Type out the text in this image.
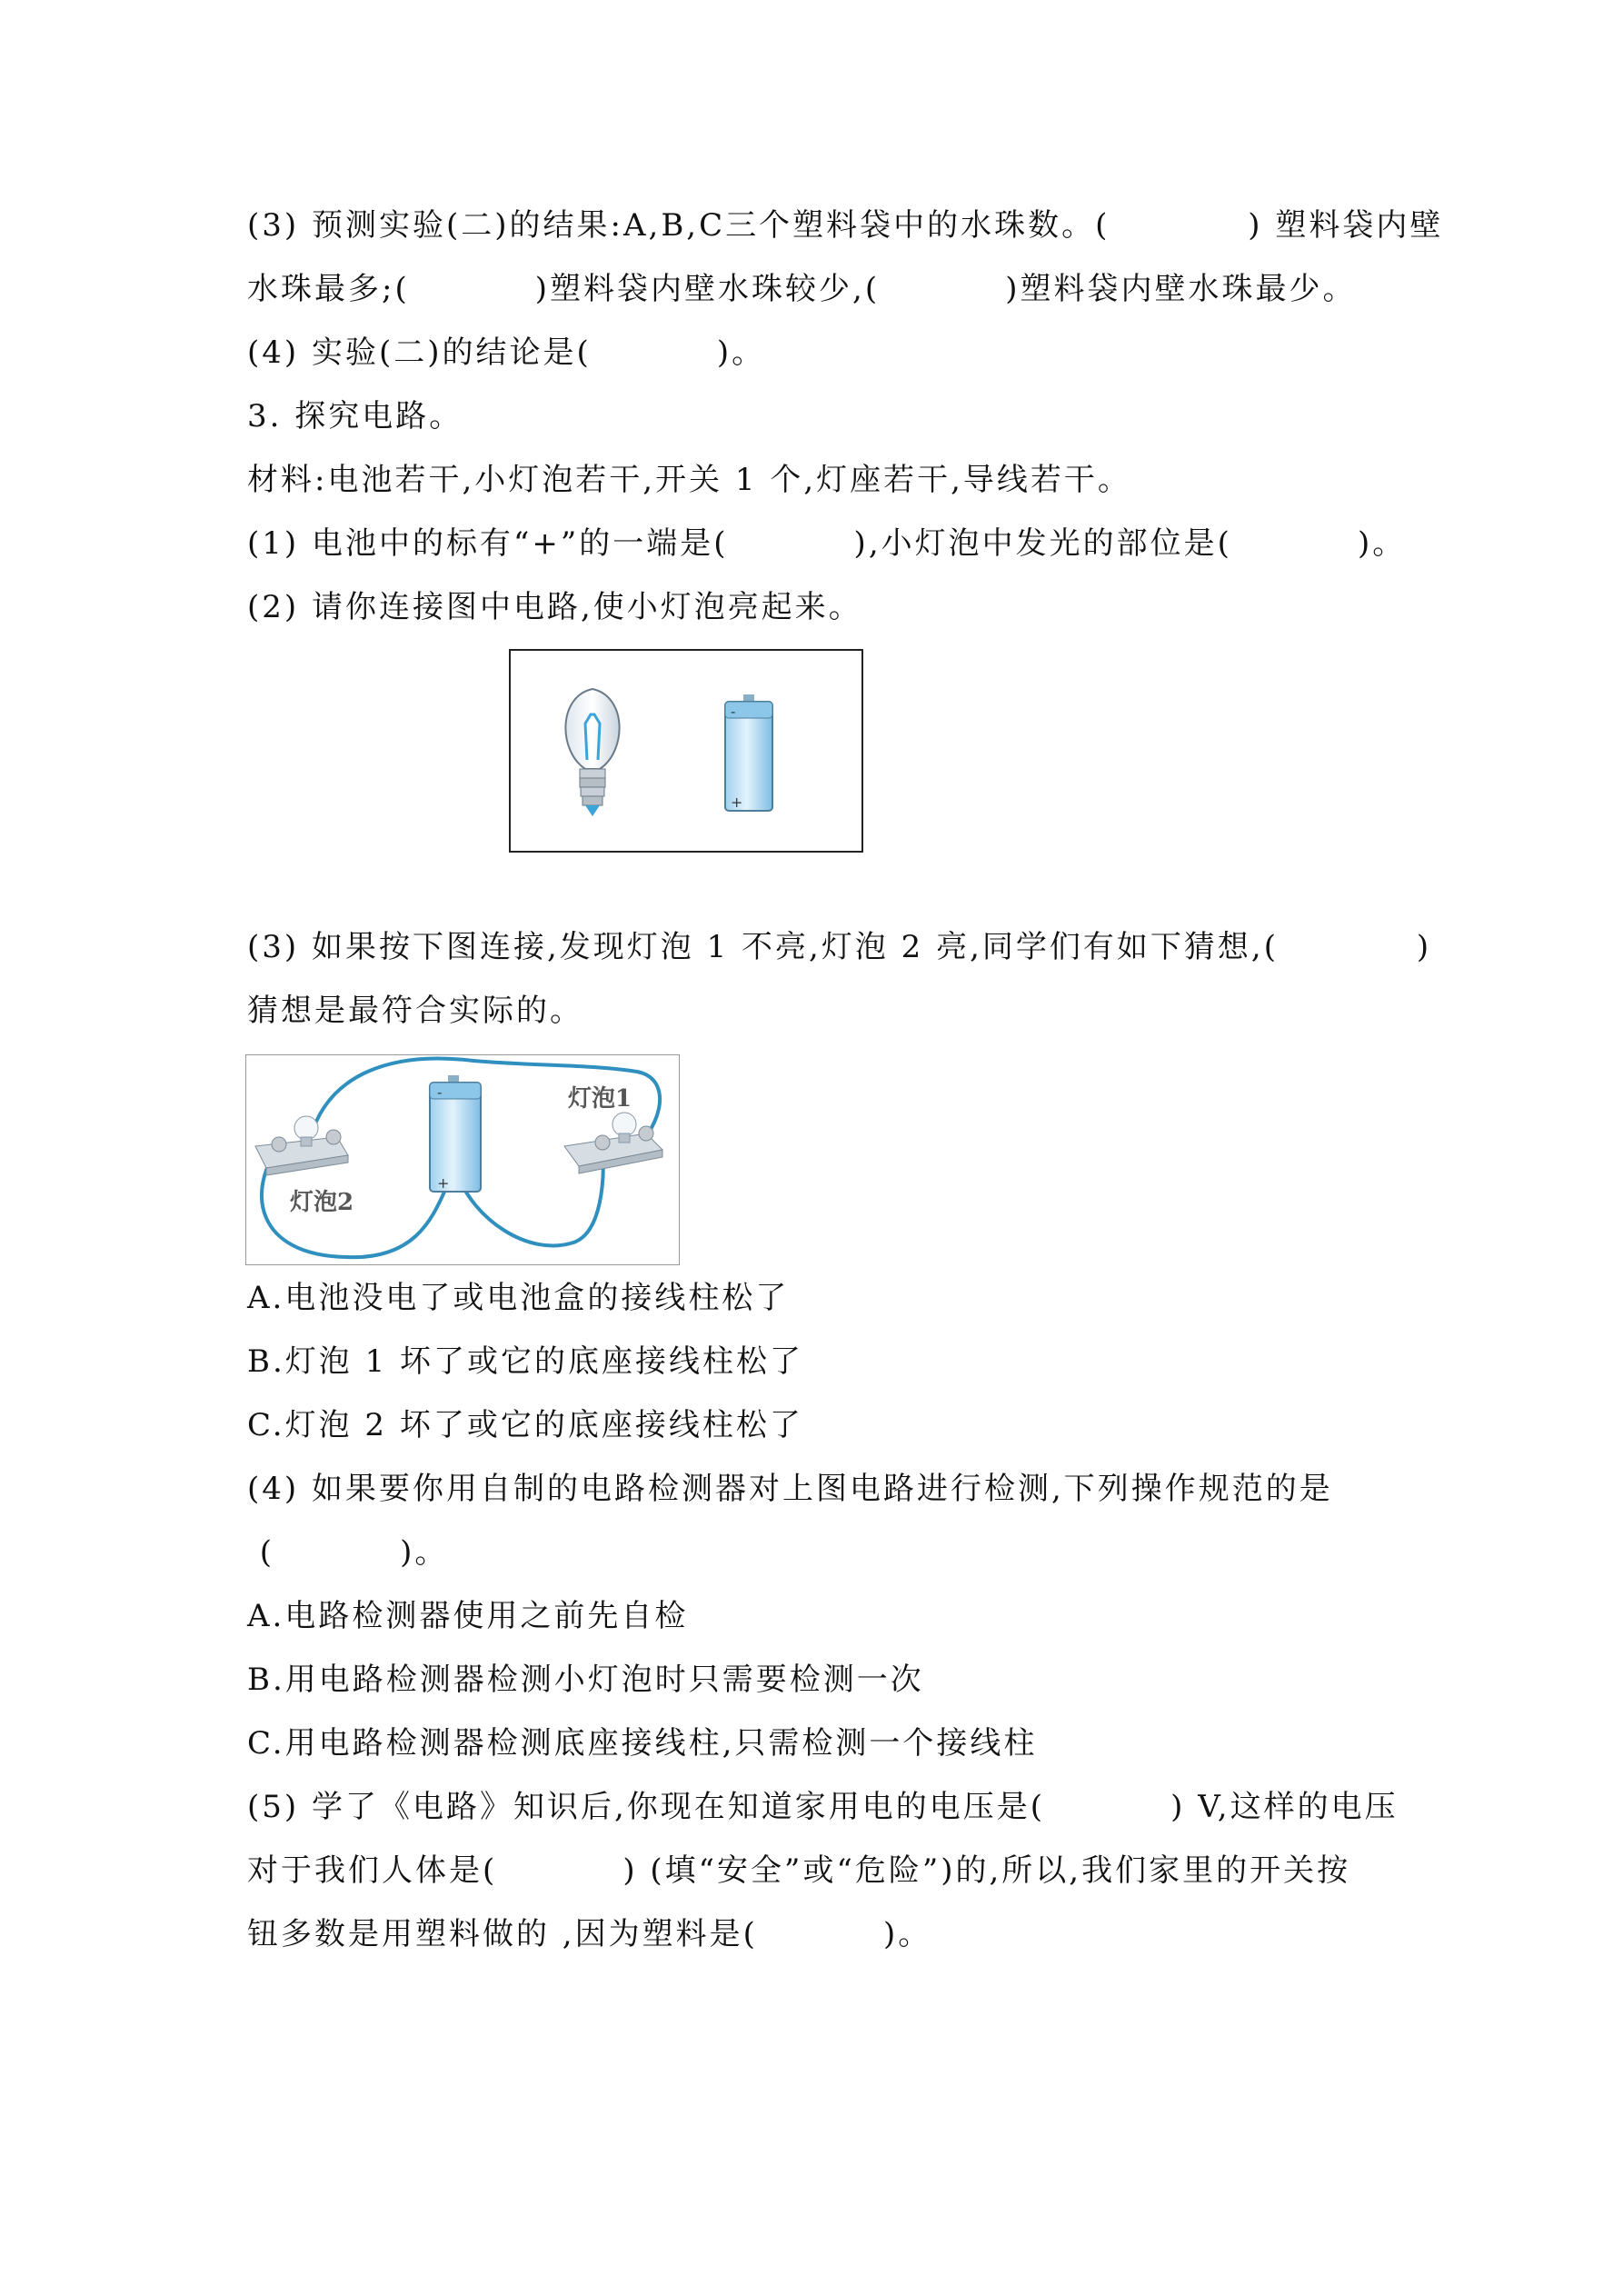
(3) 预测实验(二)的结果:A,B,C三个塑料袋中的水珠数。(           ) 塑料袋内壁
水珠最多;(          )塑料袋内壁水珠较少,(          )塑料袋内壁水珠最少。
(4) 实验(二)的结论是(          )。
3. 探究电路。
材料:电池若干,小灯泡若干,开关 1 个,灯座若干,导线若干。
(1) 电池中的标有“+”的一端是(          ),小灯泡中发光的部位是(          )。
(2) 请你连接图中电路,使小灯泡亮起来。
-
+
(3) 如果按下图连接,发现灯泡 1 不亮,灯泡 2 亮,同学们有如下猜想,(           )
猜想是最符合实际的。
灯泡2
-
+
灯泡1
A.电池没电了或电池盒的接线柱松了
B.灯泡 1 坏了或它的底座接线柱松了
C.灯泡 2 坏了或它的底座接线柱松了
(4) 如果要你用自制的电路检测器对上图电路进行检测,下列操作规范的是
(          )。
A.电路检测器使用之前先自检
B.用电路检测器检测小灯泡时只需要检测一次
C.用电路检测器检测底座接线柱,只需检测一个接线柱
(5) 学了《电路》知识后,你现在知道家用电的电压是(          ) V,这样的电压
对于我们人体是(          ) (填“安全”或“危险”)的,所以,我们家里的开关按
钮多数是用塑料做的 ,因为塑料是(          )。
